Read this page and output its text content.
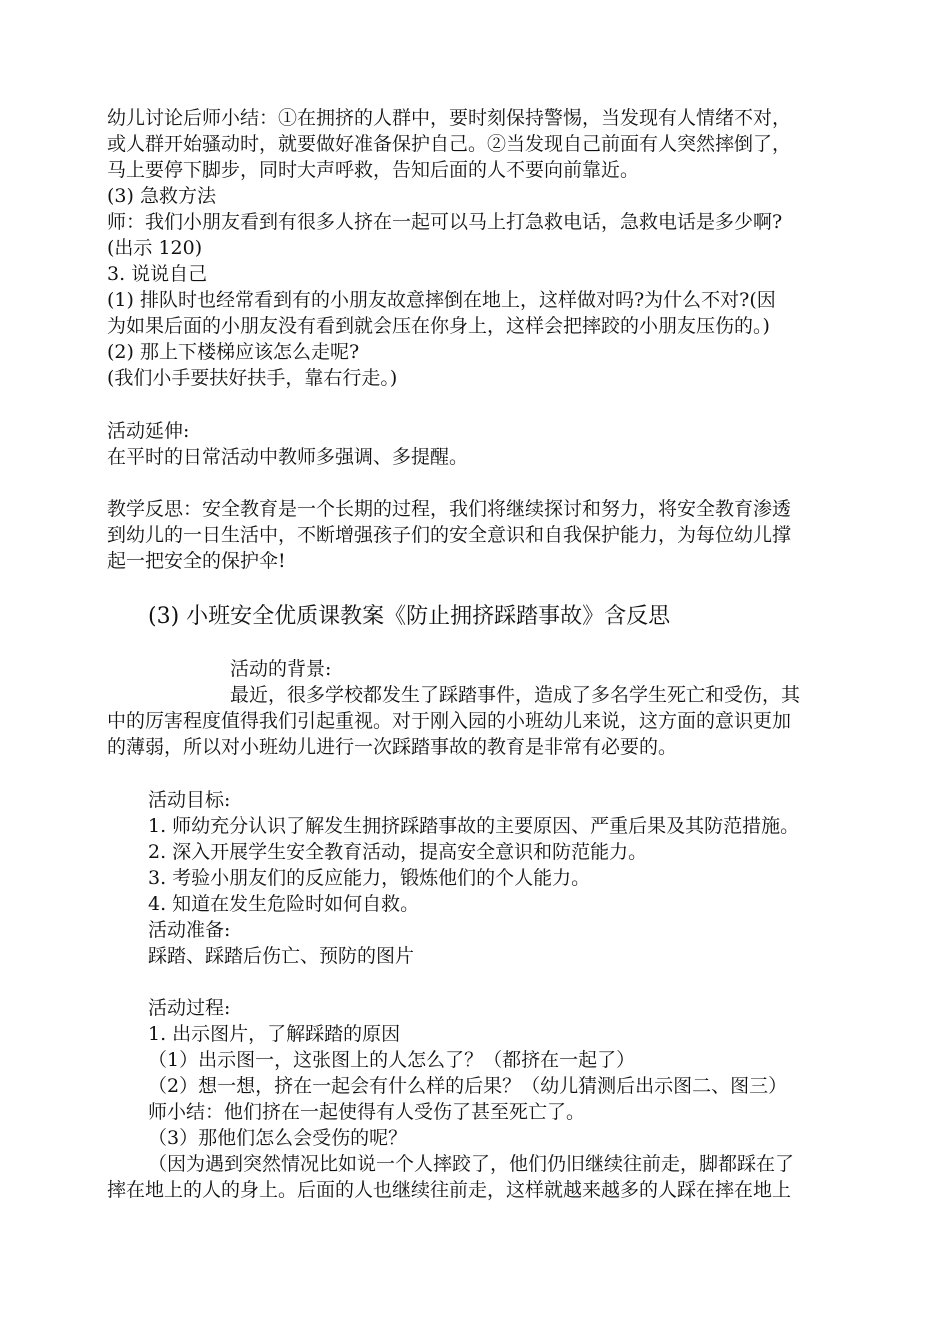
幼儿讨论后师小结：①在拥挤的人群中，要时刻保持警惕，当发现有人情绪不对，
或人群开始骚动时，就要做好准备保护自己。②当发现自己前面有人突然摔倒了，
马上要停下脚步，同时大声呼救，告知后面的人不要向前靠近。
(3) 急救方法
师：我们小朋友看到有很多人挤在一起可以马上打急救电话，急救电话是多少啊?
(出示 120)
3. 说说自己
(1) 排队时也经常看到有的小朋友故意摔倒在地上，这样做对吗?为什么不对?(因
为如果后面的小朋友没有看到就会压在你身上，这样会把摔跤的小朋友压伤的。)
(2) 那上下楼梯应该怎么走呢?
(我们小手要扶好扶手，靠右行走。)
活动延伸:
在平时的日常活动中教师多强调、多提醒。
教学反思：安全教育是一个长期的过程，我们将继续探讨和努力，将安全教育渗透
到幼儿的一日生活中，不断增强孩子们的安全意识和自我保护能力，为每位幼儿撑
起一把安全的保护伞!
(3) 小班安全优质课教案《防止拥挤踩踏事故》含反思
活动的背景:
最近，很多学校都发生了踩踏事件，造成了多名学生死亡和受伤，其
中的厉害程度值得我们引起重视。对于刚入园的小班幼儿来说，这方面的意识更加
的薄弱，所以对小班幼儿进行一次踩踏事故的教育是非常有必要的。
活动目标:
1. 师幼充分认识了解发生拥挤踩踏事故的主要原因、严重后果及其防范措施。
2. 深入开展学生安全教育活动，提高安全意识和防范能力。
3. 考验小朋友们的反应能力，锻炼他们的个人能力。
4. 知道在发生危险时如何自救。
活动准备:
踩踏、踩踏后伤亡、预防的图片
活动过程:
1. 出示图片，了解踩踏的原因
（1）出示图一，这张图上的人怎么了？（都挤在一起了）
（2）想一想，挤在一起会有什么样的后果？（幼儿猜测后出示图二、图三）
师小结：他们挤在一起使得有人受伤了甚至死亡了。
（3）那他们怎么会受伤的呢？
（因为遇到突然情况比如说一个人摔跤了，他们仍旧继续往前走，脚都踩在了
摔在地上的人的身上。后面的人也继续往前走，这样就越来越多的人踩在摔在地上
